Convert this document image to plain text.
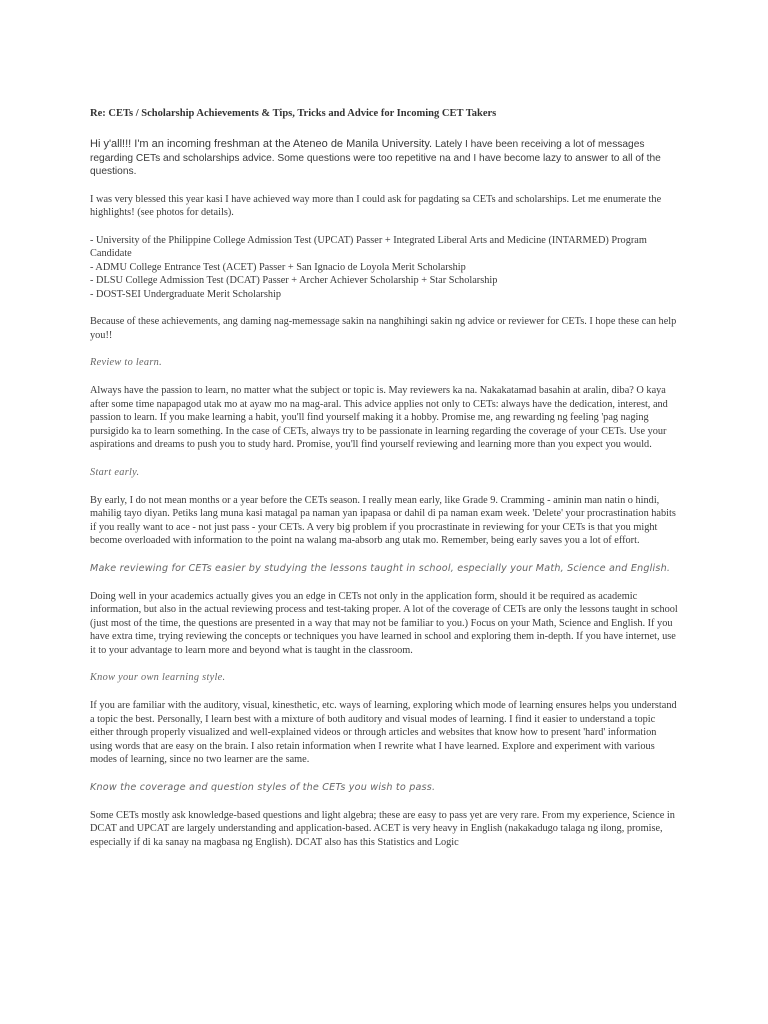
Re: CETs / Scholarship Achievements & Tips, Tricks and Advice for Incoming CET Takers
Hi y'all!!! I'm an incoming freshman at the Ateneo de Manila University. Lately I have been receiving a lot of messages regarding CETs and scholarships advice. Some questions were too repetitive na and I have become lazy to answer to all of the questions.
I was very blessed this year kasi I have achieved way more than I could ask for pagdating sa CETs and scholarships. Let me enumerate the highlights! (see photos for details).
- University of the Philippine College Admission Test (UPCAT) Passer + Integrated Liberal Arts and Medicine (INTARMED) Program Candidate
- ADMU College Entrance Test (ACET) Passer + San Ignacio de Loyola Merit Scholarship
- DLSU College Admission Test (DCAT) Passer + Archer Achiever Scholarship + Star Scholarship
- DOST-SEI Undergraduate Merit Scholarship
Because of these achievements, ang daming nag-memessage sakin na nanghihingi sakin ng advice or reviewer for CETs. I hope these can help you!!
Review to learn.
Always have the passion to learn, no matter what the subject or topic is. May reviewers ka na. Nakakatamad basahin at aralin, diba? O kaya after some time napapagod utak mo at ayaw mo na mag-aral. This advice applies not only to CETs: always have the dedication, interest, and passion to learn. If you make learning a habit, you'll find yourself making it a hobby. Promise me, ang rewarding ng feeling 'pag naging pursigido ka to learn something. In the case of CETs, always try to be passionate in learning regarding the coverage of your CETs. Use your aspirations and dreams to push you to study hard. Promise, you'll find yourself reviewing and learning more than you expect you would.
Start early.
By early, I do not mean months or a year before the CETs season. I really mean early, like Grade 9. Cramming - aminin man natin o hindi, mahilig tayo diyan. Petiks lang muna kasi matagal pa naman yan ipapasa or dahil di pa naman exam week. 'Delete' your procrastination habits if you really want to ace - not just pass - your CETs. A very big problem if you procrastinate in reviewing for your CETs is that you might become overloaded with information to the point na walang ma-absorb ang utak mo. Remember, being early saves you a lot of effort.
Make reviewing for CETs easier by studying the lessons taught in school, especially your Math, Science and English.
Doing well in your academics actually gives you an edge in CETs not only in the application form, should it be required as academic information, but also in the actual reviewing process and test-taking proper. A lot of the coverage of CETs are only the lessons taught in school (just most of the time, the questions are presented in a way that may not be familiar to you.) Focus on your Math, Science and English. If you have extra time, trying reviewing the concepts or techniques you have learned in school and exploring them in-depth. If you have internet, use it to your advantage to learn more and beyond what is taught in the classroom.
Know your own learning style.
If you are familiar with the auditory, visual, kinesthetic, etc. ways of learning, exploring which mode of learning ensures helps you understand a topic the best. Personally, I learn best with a mixture of both auditory and visual modes of learning. I find it easier to understand a topic either through properly visualized and well-explained videos or through articles and websites that know how to present 'hard' information using words that are easy on the brain. I also retain information when I rewrite what I have learned. Explore and experiment with various modes of learning, since no two learner are the same.
Know the coverage and question styles of the CETs you wish to pass.
Some CETs mostly ask knowledge-based questions and light algebra; these are easy to pass yet are very rare. From my experience, Science in DCAT and UPCAT are largely understanding and application-based. ACET is very heavy in English (nakakadugo talaga ng ilong, promise, especially if di ka sanay na magbasa ng English). DCAT also has this Statistics and Logic
